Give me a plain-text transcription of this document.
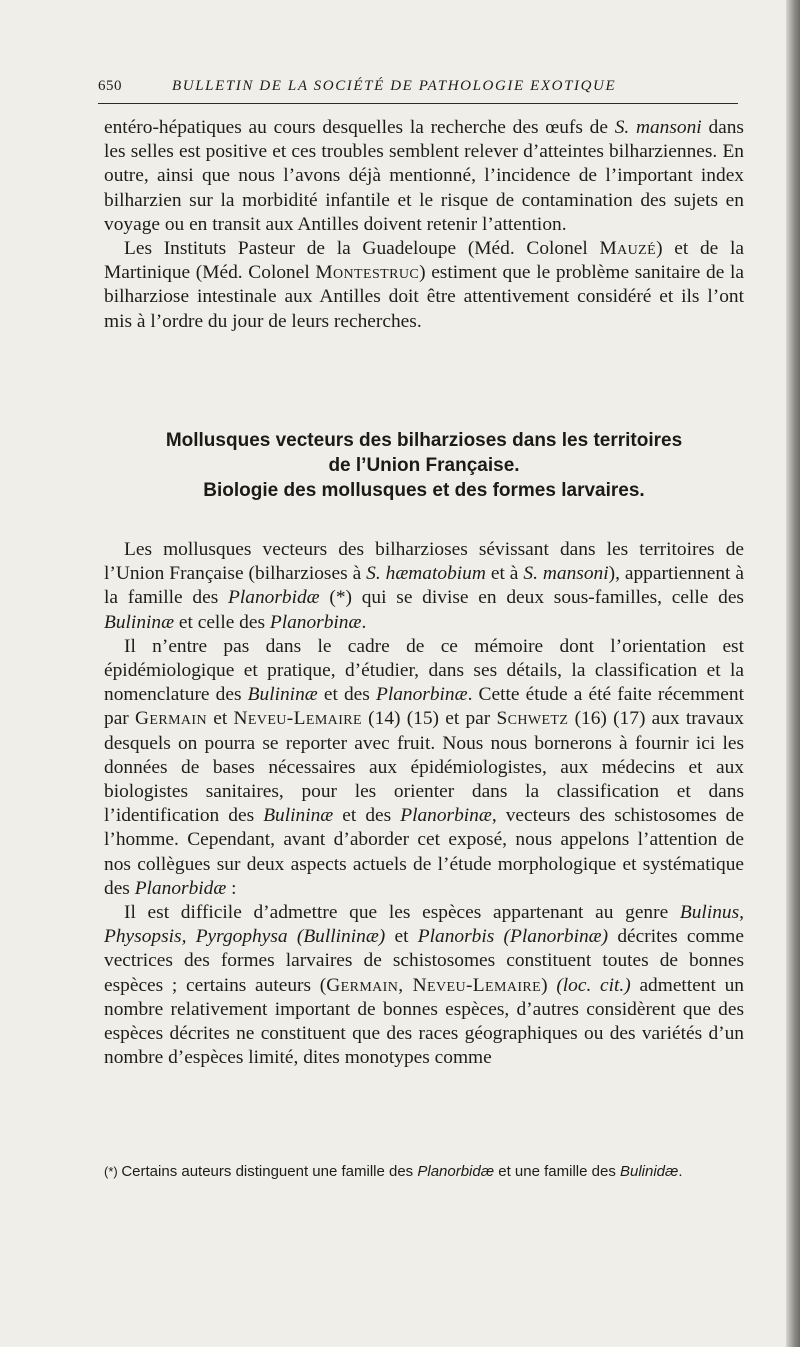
650	BULLETIN DE LA SOCIÉTÉ DE PATHOLOGIE EXOTIQUE

entéro-hépatiques au cours desquelles la recherche des œufs de S. mansoni dans les selles est positive et ces troubles semblent relever d’atteintes bilharziennes. En outre, ainsi que nous l’avons déjà mentionné, l’incidence de l’important index bilharzien sur la morbidité infantile et le risque de contamination des sujets en voyage ou en transit aux Antilles doivent retenir l’attention.

Les Instituts Pasteur de la Guadeloupe (Méd. Colonel Mauzé) et de la Martinique (Méd. Colonel Montestruc) estiment que le problème sanitaire de la bilharziose intestinale aux Antilles doit être attentivement considéré et ils l’ont mis à l’ordre du jour de leurs recherches.

Mollusques vecteurs des bilharzioses dans les territoires
de l’Union Française.
Biologie des mollusques et des formes larvaires.

Les mollusques vecteurs des bilharzioses sévissant dans les territoires de l’Union Française (bilharzioses à S. hæmatobium et à S. mansoni), appartiennent à la famille des Planorbidæ (*) qui se divise en deux sous-familles, celle des Bulininæ et celle des Planorbinæ.

Il n’entre pas dans le cadre de ce mémoire dont l’orientation est épidémiologique et pratique, d’étudier, dans ses détails, la classification et la nomenclature des Bulininæ et des Planorbinæ. Cette étude a été faite récemment par Germain et Neveu-Lemaire (14) (15) et par Schwetz (16) (17) aux travaux desquels on pourra se reporter avec fruit. Nous nous bornerons à fournir ici les données de bases nécessaires aux épidémiologistes, aux médecins et aux biologistes sanitaires, pour les orienter dans la classification et dans l’identification des Bulininæ et des Planorbinæ, vecteurs des schistosomes de l’homme. Cependant, avant d’aborder cet exposé, nous appelons l’attention de nos collègues sur deux aspects actuels de l’étude morphologique et systématique des Planorbidæ :

Il est difficile d’admettre que les espèces appartenant au genre Bulinus, Physopsis, Pyrgophysa (Bullininæ) et Planorbis (Planorbinæ) décrites comme vectrices des formes larvaires de schistosomes constituent toutes de bonnes espèces ; certains auteurs (Germain, Neveu-Lemaire) (loc. cit.) admettent un nombre relativement important de bonnes espèces, d’autres considèrent que des espèces décrites ne constituent que des races géographiques ou des variétés d’un nombre d’espèces limité, dites monotypes comme

(*) Certains auteurs distinguent une famille des Planorbidæ et une famille des Bulinidæ.
